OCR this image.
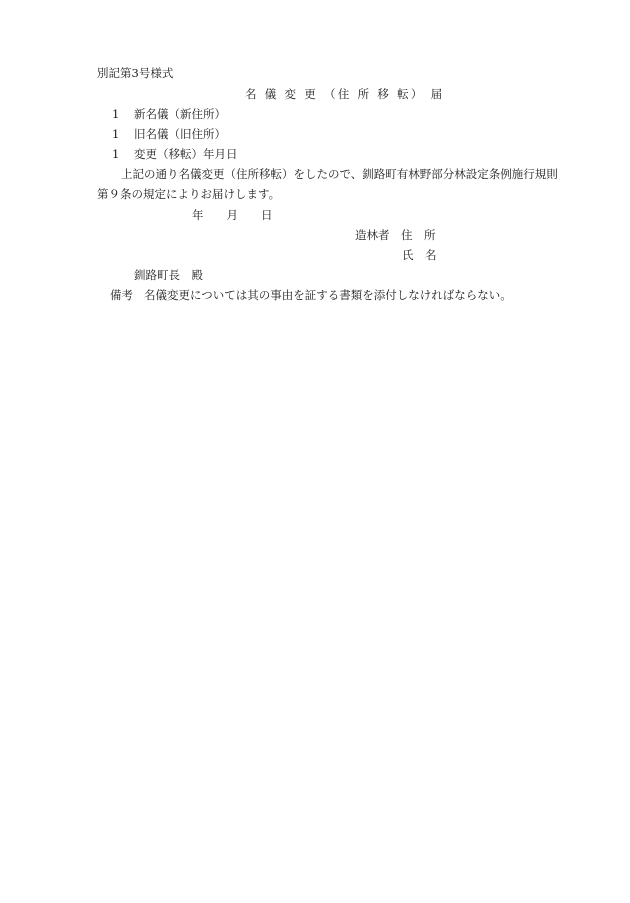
別記第3号様式
名 儀 変 更 （住 所 移 転） 届
1 新名儀（新住所）
1 旧名儀（旧住所）
1 変更（移転）年月日
上記の通り名儀変更（住所移転）をしたので、釧路町有林野部分林設定条例施行規則
第９条の規定によりお届けします。
年　　月　　日
造林者　住　所
氏　名
釧路町長　殿
備考 名儀変更については其の事由を証する書類を添付しなければならない。
